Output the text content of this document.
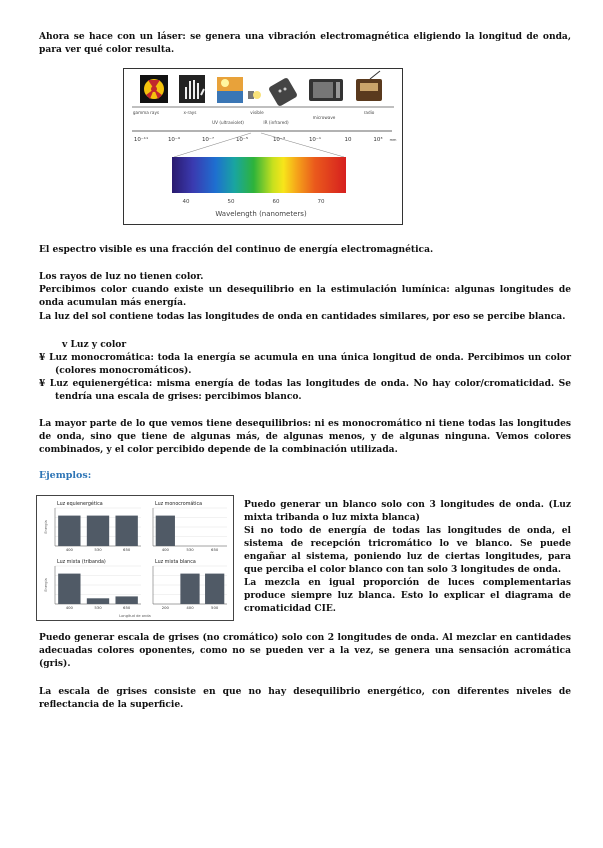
Ahora se hace con un láser: se genera una vibración electromagnética eligiendo la longitud de onda, para ver qué color resulta.

gamma rays	x-rays
UV (ultraviolet)
visible
IR (infrared)
microwave
radio
10⁻¹¹	10⁻⁹	10⁻⁷	10⁻⁵	10⁻³	10⁻¹	10	10³ mm
40	50	60	70
Wavelength (nanometers)

El espectro visible es una fracción del continuo de energía electromagnética.

Los rayos de luz no tienen color.

Percibimos color cuando existe un desequilibrio en la estimulación lumínica: algunas longitudes de onda acumulan más energía.

La luz del sol contiene todas las longitudes de onda en cantidades similares, por eso se percibe blanca.

v Luz y color

¥ Luz monocromática: toda la energía se acumula en una única longitud de onda. Percibimos un color (colores monocromáticos).

¥ Luz equienergética: misma energía de todas las longitudes de onda. No hay color/cromaticidad. Se tendría una escala de grises: percibimos blanco.

La mayor parte de lo que vemos tiene desequilibrios: ni es monocromático ni tiene todas las longitudes de onda, sino que tiene de algunas más, de algunas menos, y de algunas ninguna. Vemos colores combinados, y el color percibido depende de la combinación utilizada.

Ejemplos:
Luz equienergética
400	530	650
Energía
Luz monocromática
400	530	650
Luz mixta (tribanda)
400	530	650
Energía
Longitud de onda
Luz mixta blanca
200	400	500

Puedo generar un blanco solo con 3 longitudes de onda. (Luz mixta tribanda o luz mixta blanca)

Si no todo de energía de todas las longitudes de onda, el sistema de recepción tricromático lo ve blanco. Se puede engañar al sistema, poniendo luz de ciertas longitudes, para que perciba el color blanco con tan solo 3 longitudes de onda.

La mezcla en igual proporción de luces complementarias produce siempre luz blanca. Esto lo explicar el diagrama de cromaticidad CIE.

Puedo generar escala de grises (no cromático) solo con 2 longitudes de onda. Al mezclar en cantidades adecuadas colores oponentes, como no se pueden ver a la vez, se genera una sensación acromática (gris).

La escala de grises consiste en que no hay desequilibrio energético, con diferentes niveles de reflectancia de la superficie.
